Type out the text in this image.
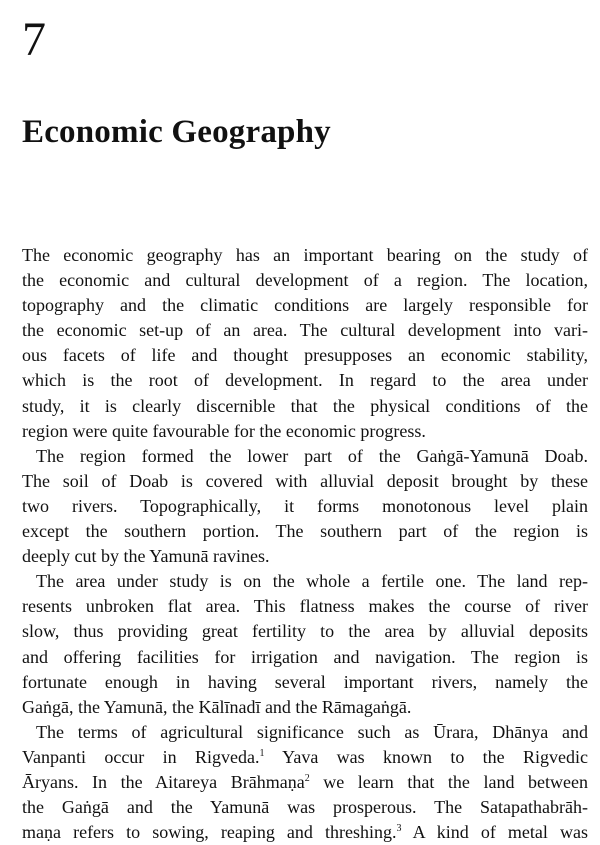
7
Economic Geography
The economic geography has an important bearing on the study of
the economic and cultural development of a region. The location,
topography and the climatic conditions are largely responsible for
the economic set-up of an area. The cultural development into vari-
ous facets of life and thought presupposes an economic stability,
which is the root of development. In regard to the area under
study, it is clearly discernible that the physical conditions of the
region were quite favourable for the economic progress.
The region formed the lower part of the Gaṅgā-Yamunā Doab.
The soil of Doab is covered with alluvial deposit brought by these
two rivers. Topographically, it forms monotonous level plain
except the southern portion. The southern part of the region is
deeply cut by the Yamunā ravines.
The area under study is on the whole a fertile one. The land rep-
resents unbroken flat area. This flatness makes the course of river
slow, thus providing great fertility to the area by alluvial deposits
and offering facilities for irrigation and navigation. The region is
fortunate enough in having several important rivers, namely the
Gaṅgā, the Yamunā, the Kālīnadī and the Rāmagaṅgā.
The terms of agricultural significance such as Ūrara, Dhānya and
Vanpanti occur in Rigveda.$^1$ Yava was known to the Rigvedic
Āryans. In the Aitareya Brāhmaṇa$^2$ we learn that the land between
the Gaṅgā and the Yamunā was prosperous. The Satapathabrāh-
maṇa refers to sowing, reaping and threshing.$^3$ A kind of metal was
